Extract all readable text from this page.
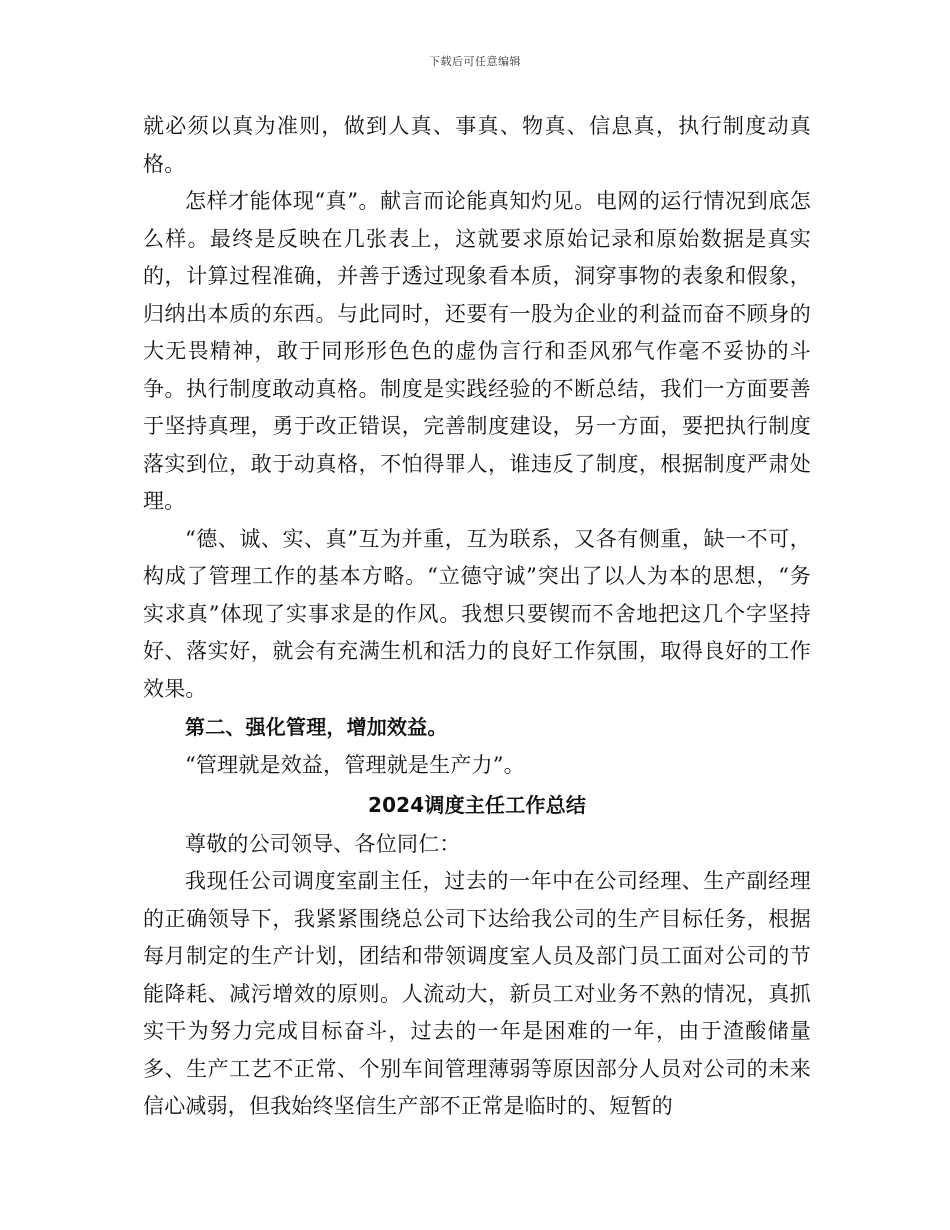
下载后可任意编辑

就必须以真为准则，做到人真、事真、物真、信息真，执行制度动真格。

怎样才能体现“真”。献言而论能真知灼见。电网的运行情况到底怎么样。最终是反映在几张表上，这就要求原始记录和原始数据是真实的，计算过程准确，并善于透过现象看本质，洞穿事物的表象和假象，归纳出本质的东西。与此同时，还要有一股为企业的利益而奋不顾身的大无畏精神，敢于同形形色色的虚伪言行和歪风邪气作毫不妥协的斗争。执行制度敢动真格。制度是实践经验的不断总结，我们一方面要善于坚持真理，勇于改正错误，完善制度建设，另一方面，要把执行制度落实到位，敢于动真格，不怕得罪人，谁违反了制度，根据制度严肃处理。

“德、诚、实、真”互为并重，互为联系，又各有侧重，缺一不可，构成了管理工作的基本方略。“立德守诚”突出了以人为本的思想，“务实求真”体现了实事求是的作风。我想只要锲而不舍地把这几个字坚持好、落实好，就会有充满生机和活力的良好工作氛围，取得良好的工作效果。

第二、强化管理，增加效益。

“管理就是效益，管理就是生产力”。

2024调度主任工作总结

尊敬的公司领导、各位同仁：

我现任公司调度室副主任，过去的一年中在公司经理、生产副经理的正确领导下，我紧紧围绕总公司下达给我公司的生产目标任务，根据每月制定的生产计划，团结和带领调度室人员及部门员工面对公司的节能降耗、减污增效的原则。人流动大，新员工对业务不熟的情况，真抓实干为努力完成目标奋斗，过去的一年是困难的一年，由于渣酸储量多、生产工艺不正常、个别车间管理薄弱等原因部分人员对公司的未来信心减弱，但我始终坚信生产部不正常是临时的、短暂的
